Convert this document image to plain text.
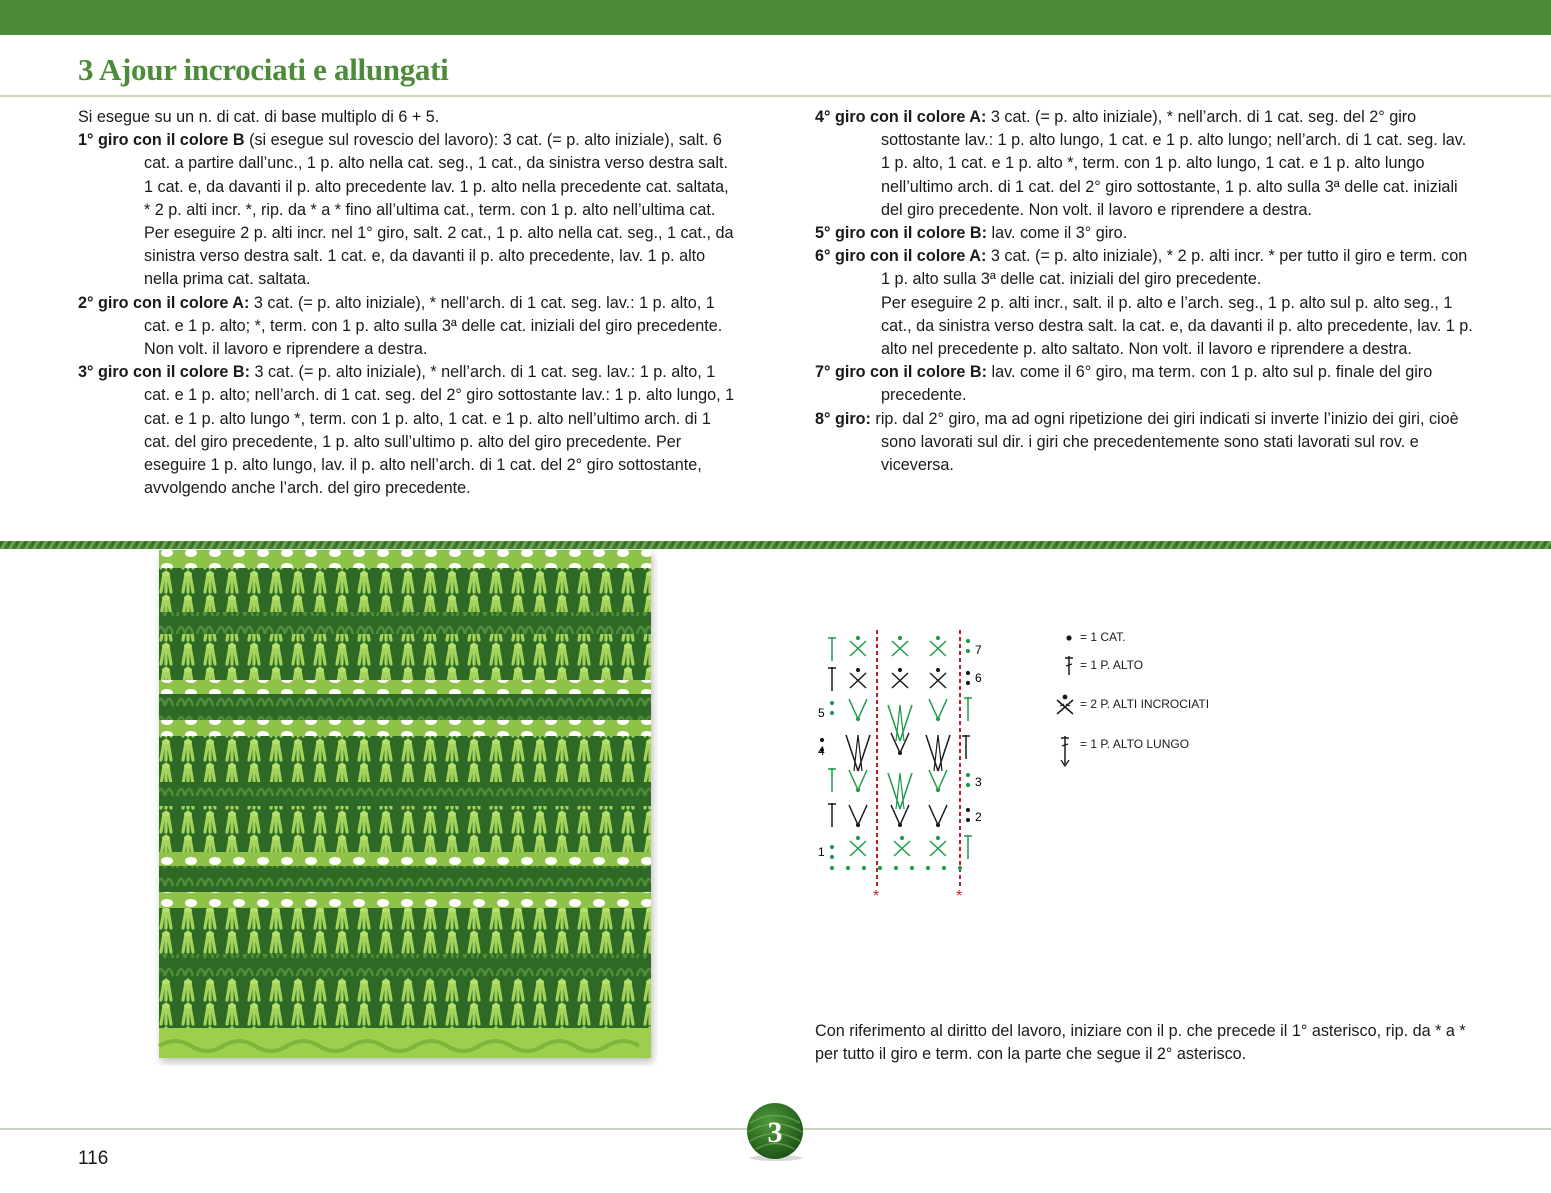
3 Ajour incrociati e allungati

Si esegue su un n. di cat. di base multiplo di 6 + 5.

1° giro con il colore B (si esegue sul rovescio del lavoro): 3 cat. (= p. alto iniziale), salt. 6 cat. a partire dall’unc., 1 p. alto nella cat. seg., 1 cat., da sinistra verso destra salt. 1 cat. e, da davanti il p. alto precedente lav. 1 p. alto nella precedente cat. saltata, * 2 p. alti incr. *, rip. da * a * fino all’ultima cat., term. con 1 p. alto nell’ultima cat.

Per eseguire 2 p. alti incr. nel 1° giro, salt. 2 cat., 1 p. alto nella cat. seg., 1 cat., da sinistra verso destra salt. 1 cat. e, da davanti il p. alto precedente, lav. 1 p. alto nella prima cat. saltata.

2° giro con il colore A: 3 cat. (= p. alto iniziale), * nell’arch. di 1 cat. seg. lav.: 1 p. alto, 1 cat. e 1 p. alto; *, term. con 1 p. alto sulla 3ª delle cat. iniziali del giro precedente. Non volt. il lavoro e riprendere a destra.

3° giro con il colore B: 3 cat. (= p. alto iniziale), * nell’arch. di 1 cat. seg. lav.: 1 p. alto, 1 cat. e 1 p. alto; nell’arch. di 1 cat. seg. del 2° giro sottostante lav.: 1 p. alto lungo, 1 cat. e 1 p. alto lungo *, term. con 1 p. alto, 1 cat. e 1 p. alto nell’ultimo arch. di 1 cat. del giro precedente, 1 p. alto sull’ultimo p. alto del giro precedente. Per eseguire 1 p. alto lungo, lav. il p. alto nell’arch. di 1 cat. del 2° giro sottostante, avvolgendo anche l’arch. del giro precedente.

4° giro con il colore A: 3 cat. (= p. alto iniziale), * nell’arch. di 1 cat. seg. del 2° giro sottostante lav.: 1 p. alto lungo, 1 cat. e 1 p. alto lungo; nell’arch. di 1 cat. seg. lav. 1 p. alto, 1 cat. e 1 p. alto *, term. con 1 p. alto lungo, 1 cat. e 1 p. alto lungo nell’ultimo arch. di 1 cat. del 2° giro sottostante, 1 p. alto sulla 3ª delle cat. iniziali del giro precedente. Non volt. il lavoro e riprendere a destra.

5° giro con il colore B: lav. come il 3° giro.

6° giro con il colore A: 3 cat. (= p. alto iniziale), * 2 p. alti incr. * per tutto il giro e term. con 1 p. alto sulla 3ª delle cat. iniziali del giro precedente.

Per eseguire 2 p. alti incr., salt. il p. alto e l’arch. seg., 1 p. alto sul p. alto seg., 1 cat., da sinistra verso destra salt. la cat. e, da davanti il p. alto precedente, lav. 1 p. alto nel precedente p. alto saltato. Non volt. il lavoro e riprendere a destra.

7° giro con il colore B: lav. come il 6° giro, ma term. con 1 p. alto sul p. finale del giro precedente.

8° giro: rip. dal 2° giro, ma ad ogni ripetizione dei giri indicati si inverte l’inizio dei giri, cioè sono lavorati sul dir. i giri che precedentemente sono stati lavorati sul rov. e viceversa.

*	*
5
4
1
7
6
3
2
= 1 CAT.
= 1 P. ALTO
= 2 P. ALTI INCROCIATI
= 1 P. ALTO LUNGO
Con riferimento al diritto del lavoro, iniziare con il p. che precede il 1° asterisco, rip. da * a * per tutto il giro e term. con la parte che segue il 2° asterisco.
3
116
